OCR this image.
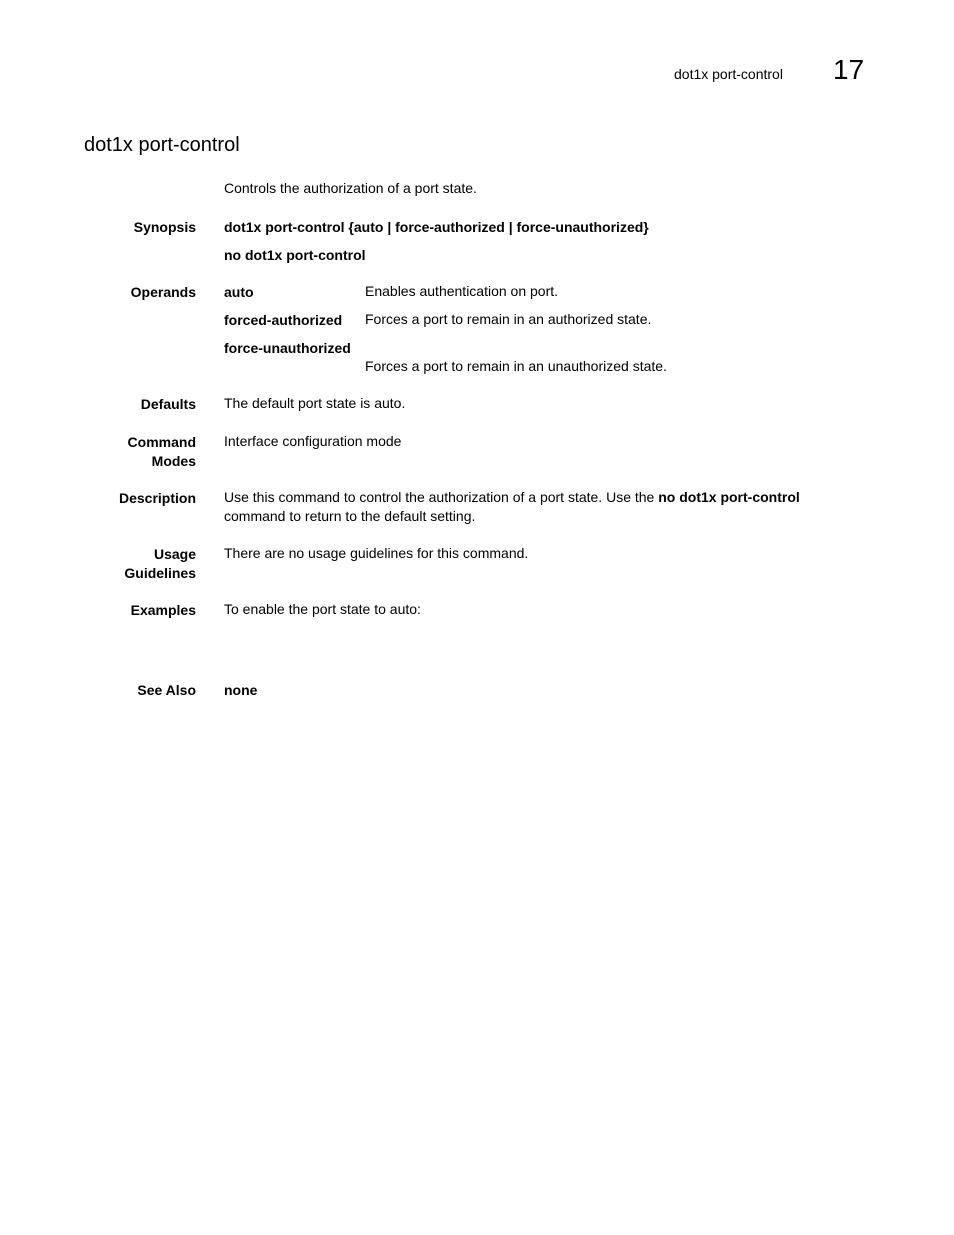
dot1x port-control 17
dot1x port-control
Controls the authorization of a port state.
Synopsis dot1x port-control {auto | force-authorized | force-unauthorized}
no dot1x port-control
Operands auto	Enables authentication on port.
forced-authorized Forces a port to remain in an authorized state.
force-unauthorized
Forces a port to remain in an unauthorized state.
Defaults The default port state is auto.
Command
Modes
Interface configuration mode
Description Use this command to control the authorization of a port state. Use the no dot1x port-control
command to return to the default setting.
Usage
Guidelines
There are no usage guidelines for this command.
Examples To enable the port state to auto:
See Also none
